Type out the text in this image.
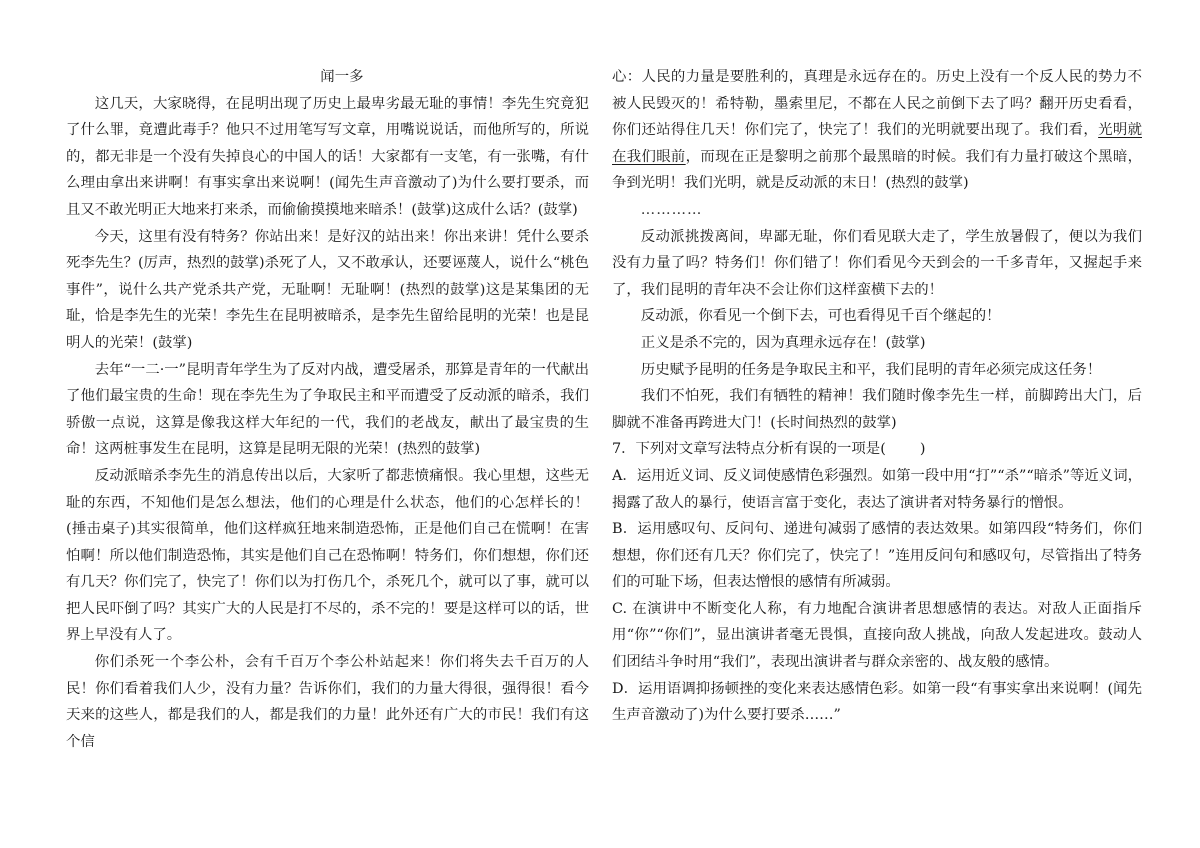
闻一多

这几天，大家晓得，在昆明出现了历史上最卑劣最无耻的事情！李先生究竟犯了什么罪，竟遭此毒手？他只不过用笔写写文章，用嘴说说话，而他所写的，所说的，都无非是一个没有失掉良心的中国人的话！大家都有一支笔，有一张嘴，有什么理由拿出来讲啊！有事实拿出来说啊！(闻先生声音激动了)为什么要打要杀，而且又不敢光明正大地来打来杀，而偷偷摸摸地来暗杀！(鼓掌)这成什么话？(鼓掌)

今天，这里有没有特务？你站出来！是好汉的站出来！你出来讲！凭什么要杀死李先生？(厉声，热烈的鼓掌)杀死了人，又不敢承认，还要诬蔑人，说什么“桃色事件”，说什么共产党杀共产党，无耻啊！无耻啊！(热烈的鼓掌)这是某集团的无耻，恰是李先生的光荣！李先生在昆明被暗杀，是李先生留给昆明的光荣！也是昆明人的光荣！(鼓掌)

去年“一二·一”昆明青年学生为了反对内战，遭受屠杀，那算是青年的一代献出了他们最宝贵的生命！现在李先生为了争取民主和平而遭受了反动派的暗杀，我们骄傲一点说，这算是像我这样大年纪的一代，我们的老战友，献出了最宝贵的生命！这两桩事发生在昆明，这算是昆明无限的光荣！(热烈的鼓掌)

反动派暗杀李先生的消息传出以后，大家听了都悲愤痛恨。我心里想，这些无耻的东西，不知他们是怎么想法，他们的心理是什么状态，他们的心怎样长的！(捶击桌子)其实很简单，他们这样疯狂地来制造恐怖，正是他们自己在慌啊！在害怕啊！所以他们制造恐怖，其实是他们自己在恐怖啊！特务们，你们想想，你们还有几天？你们完了，快完了！你们以为打伤几个，杀死几个，就可以了事，就可以把人民吓倒了吗？其实广大的人民是打不尽的，杀不完的！要是这样可以的话，世界上早没有人了。

你们杀死一个李公朴，会有千百万个李公朴站起来！你们将失去千百万的人民！你们看着我们人少，没有力量？告诉你们，我们的力量大得很，强得很！看今天来的这些人，都是我们的人，都是我们的力量！此外还有广大的市民！我们有这个信

心：人民的力量是要胜利的，真理是永远存在的。历史上没有一个反人民的势力不被人民毁灭的！希特勒，墨索里尼，不都在人民之前倒下去了吗？翻开历史看看，你们还站得住几天！你们完了，快完了！我们的光明就要出现了。我们看，光明就在我们眼前，而现在正是黎明之前那个最黑暗的时候。我们有力量打破这个黑暗，争到光明！我们光明，就是反动派的末日！(热烈的鼓掌)

…………

反动派挑拨离间，卑鄙无耻，你们看见联大走了，学生放暑假了，便以为我们没有力量了吗？特务们！你们错了！你们看见今天到会的一千多青年，又握起手来了，我们昆明的青年决不会让你们这样蛮横下去的！

反动派，你看见一个倒下去，可也看得见千百个继起的！

正义是杀不完的，因为真理永远存在！(鼓掌)

历史赋予昆明的任务是争取民主和平，我们昆明的青年必须完成这任务！

我们不怕死，我们有牺牲的精神！我们随时像李先生一样，前脚跨出大门，后脚就不准备再跨进大门！(长时间热烈的鼓掌)

7．下列对文章写法特点分析有误的一项是( )

A．运用近义词、反义词使感情色彩强烈。如第一段中用“打”“杀”“暗杀”等近义词，揭露了敌人的暴行，使语言富于变化，表达了演讲者对特务暴行的憎恨。

B．运用感叹句、反问句、递进句减弱了感情的表达效果。如第四段“特务们，你们想想，你们还有几天？你们完了，快完了！”连用反问句和感叹句，尽管指出了特务们的可耻下场，但表达憎恨的感情有所减弱。

C. 在演讲中不断变化人称，有力地配合演讲者思想感情的表达。对敌人正面指斥用“你”“你们”，显出演讲者毫无畏惧，直接向敌人挑战，向敌人发起进攻。鼓动人们团结斗争时用“我们”，表现出演讲者与群众亲密的、战友般的感情。

D．运用语调抑扬顿挫的变化来表达感情色彩。如第一段“有事实拿出来说啊！(闻先生声音激动了)为什么要打要杀……”
